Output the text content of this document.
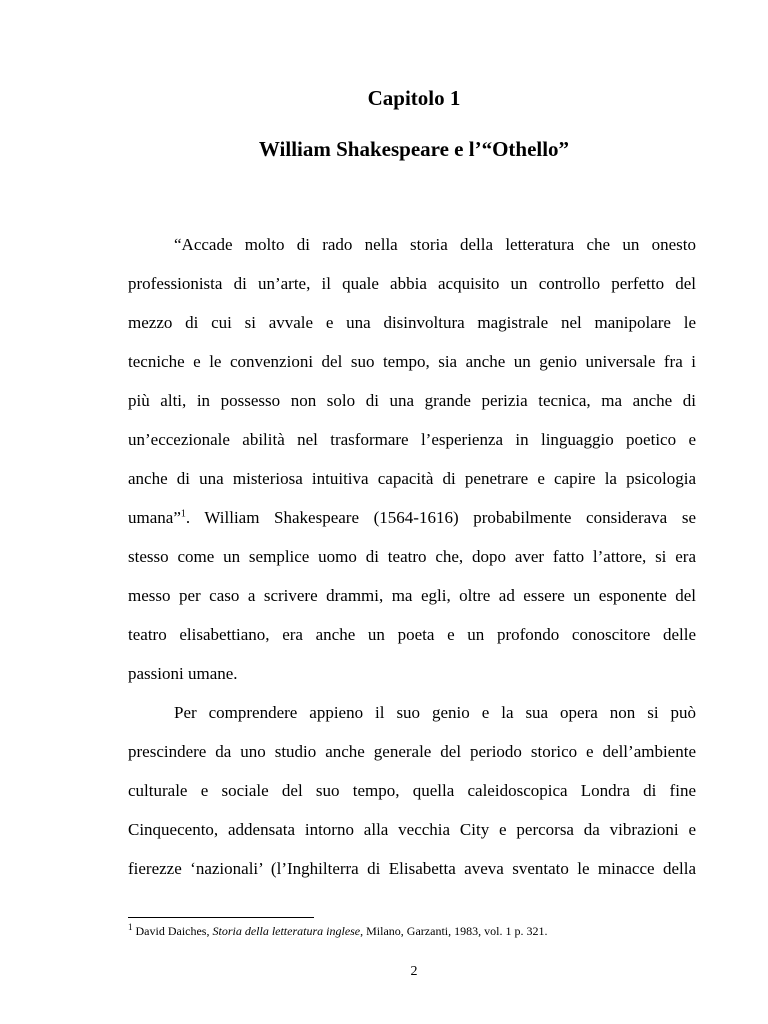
Capitolo 1
William Shakespeare e l’“Othello”
“Accade molto di rado nella storia della letteratura che un onesto
professionista di un’arte, il quale abbia acquisito un controllo perfetto del
mezzo di cui si avvale e una disinvoltura magistrale nel manipolare le
tecniche e le convenzioni del suo tempo, sia anche un genio universale fra i
più alti, in possesso non solo di una grande perizia tecnica, ma anche di
un’eccezionale abilità nel trasformare l’esperienza in linguaggio poetico e
anche di una misteriosa intuitiva capacità di penetrare e capire la psicologia
umana”$^1$. William Shakespeare (1564-1616) probabilmente considerava se
stesso come un semplice uomo di teatro che, dopo aver fatto l’attore, si era
messo per caso a scrivere drammi, ma egli, oltre ad essere un esponente del
teatro elisabettiano, era anche un poeta e un profondo conoscitore delle
passioni umane.
Per comprendere appieno il suo genio e la sua opera non si può
prescindere da uno studio anche generale del periodo storico e dell’ambiente
culturale e sociale del suo tempo, quella caleidoscopica Londra di fine
Cinquecento, addensata intorno alla vecchia City e percorsa da vibrazioni e
fierezze ‘nazionali’ (l’Inghilterra di Elisabetta aveva sventato le minacce della
$^1$ David Daiches, Storia della letteratura inglese, Milano, Garzanti, 1983, vol. 1 p. 321.
2
